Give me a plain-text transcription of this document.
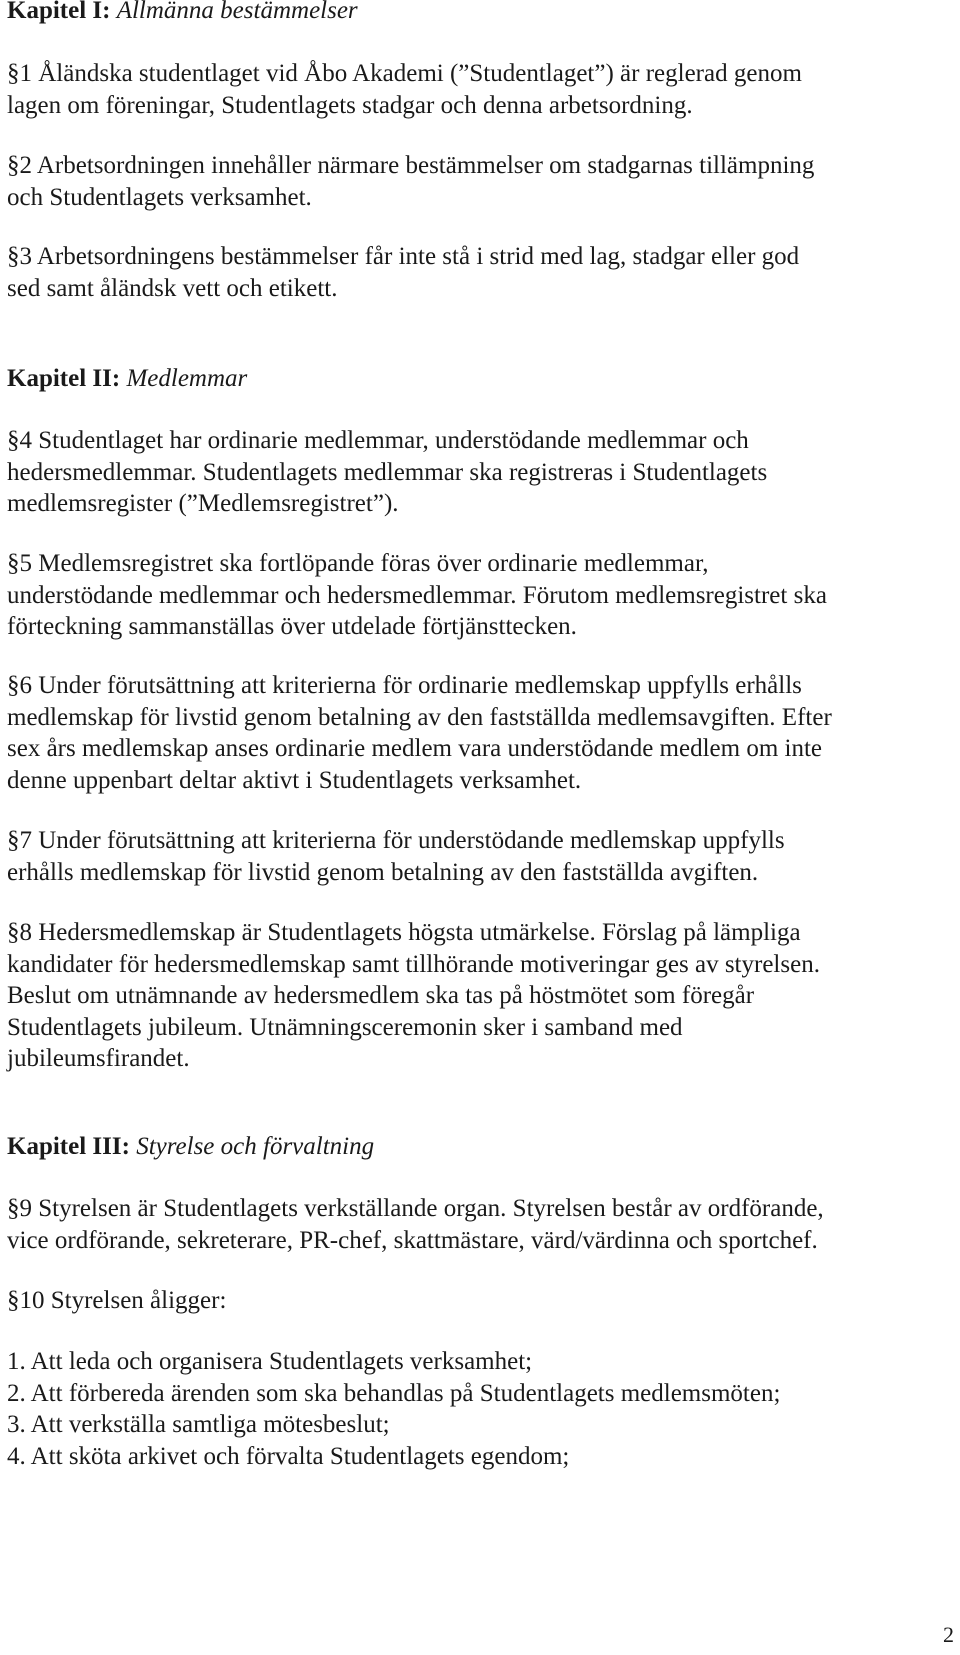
Kapitel I: Allmänna bestämmelser
§1 Åländska studentlaget vid Åbo Akademi (”Studentlaget”) är reglerad genom
lagen om föreningar, Studentlagets stadgar och denna arbetsordning.
§2 Arbetsordningen innehåller närmare bestämmelser om stadgarnas tillämpning
och Studentlagets verksamhet.
§3 Arbetsordningens bestämmelser får inte stå i strid med lag, stadgar eller god
sed samt åländsk vett och etikett.
Kapitel II: Medlemmar
§4 Studentlaget har ordinarie medlemmar, understödande medlemmar och
hedersmedlemmar. Studentlagets medlemmar ska registreras i Studentlagets
medlemsregister (”Medlemsregistret”).
§5 Medlemsregistret ska fortlöpande föras över ordinarie medlemmar,
understödande medlemmar och hedersmedlemmar. Förutom medlemsregistret ska
förteckning sammanställas över utdelade förtjänsttecken.
§6 Under förutsättning att kriterierna för ordinarie medlemskap uppfylls erhålls
medlemskap för livstid genom betalning av den fastställda medlemsavgiften. Efter
sex års medlemskap anses ordinarie medlem vara understödande medlem om inte
denne uppenbart deltar aktivt i Studentlagets verksamhet.
§7 Under förutsättning att kriterierna för understödande medlemskap uppfylls
erhålls medlemskap för livstid genom betalning av den fastställda avgiften.
§8 Hedersmedlemskap är Studentlagets högsta utmärkelse. Förslag på lämpliga
kandidater för hedersmedlemskap samt tillhörande motiveringar ges av styrelsen.
Beslut om utnämnande av hedersmedlem ska tas på höstmötet som föregår
Studentlagets jubileum. Utnämningsceremonin sker i samband med
jubileumsfirandet.
Kapitel III: Styrelse och förvaltning
§9 Styrelsen är Studentlagets verkställande organ. Styrelsen består av ordförande,
vice ordförande, sekreterare, PR-chef, skattmästare, värd/värdinna och sportchef.
§10 Styrelsen åligger:
1. Att leda och organisera Studentlagets verksamhet;
2. Att förbereda ärenden som ska behandlas på Studentlagets medlemsmöten;
3. Att verkställa samtliga mötesbeslut;
4. Att sköta arkivet och förvalta Studentlagets egendom;
2
